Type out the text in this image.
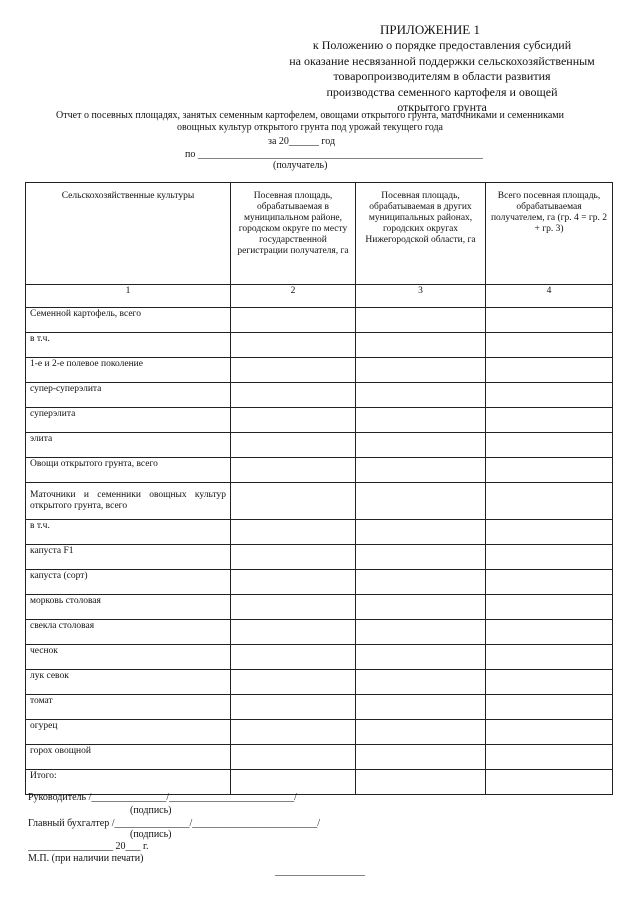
ПРИЛОЖЕНИЕ 1
к Положению о порядке предоставления субсидий
на оказание несвязанной поддержки сельскохозяйственным
товаропроизводителям в области развития
производства семенного картофеля и овощей
открытого грунта
Отчет о посевных площадях, занятых семенным картофелем, овощами открытого грунта, маточниками и семенниками
овощных культур открытого грунта под урожай текущего года
за 20______ год
по _________________________________________________________
(получатель)
Сельскохозяйственные культуры	Посевная площадь, обрабатываемая в муниципальном районе, городском округе по месту государственной регистрации получателя, га	Посевная площадь, обрабатываемая в других муниципальных районах, городских округах Нижегородской области, га	Всего посевная площадь, обрабатываемая получателем, га (гр. 4 = гр. 2 + гр. 3)
1	2	3	4
Семенной картофель, всего			
в т.ч.			
1-е и 2-е полевое поколение			
супер-суперэлита			
суперэлита			
элита			
Овощи открытого грунта, всего			
Маточники и семенники овощных культур открытого грунта, всего			
в т.ч.			
капуста F1			
капуста (сорт)			
морковь столовая			
свекла столовая			
чеснок			
лук севок			
томат			
огурец			
горох овощной			
Итого:			
Руководитель /_______________/_________________________/
(подпись)
Главный бухгалтер /_______________/_________________________/
(подпись)
_________________ 20___ г.
М.П. (при наличии печати)
__________________
